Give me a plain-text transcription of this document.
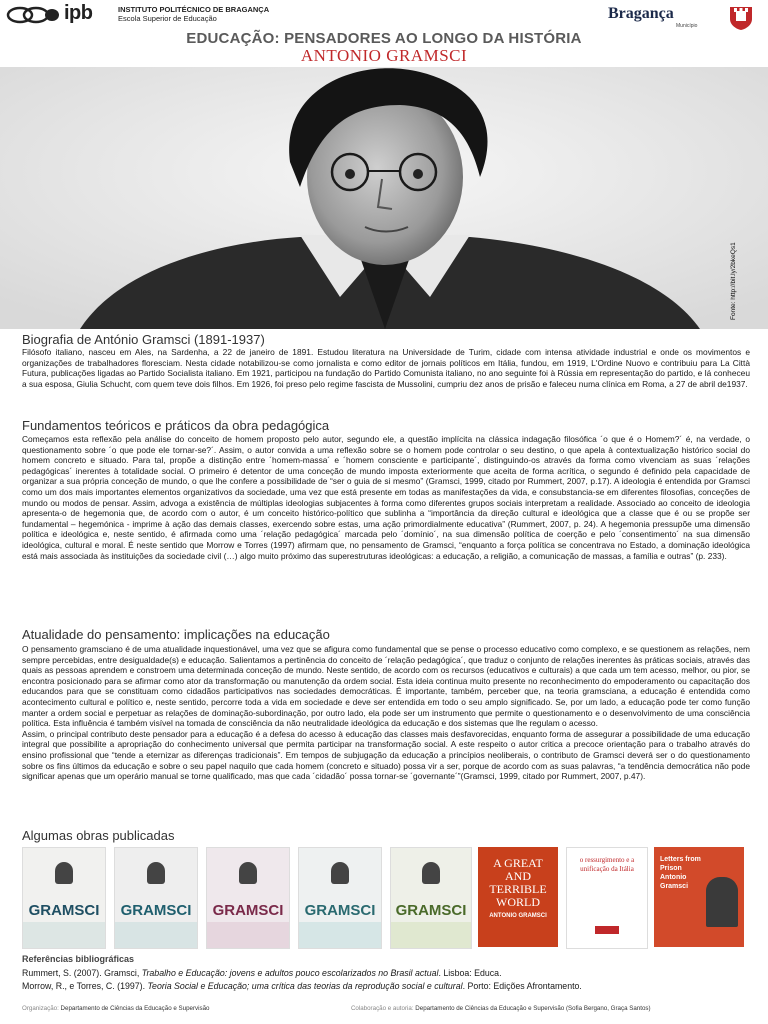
ipb	INSTITUTO POLITÉCNICO DE BRAGANÇA
Escola Superior de Educação	Bragança
Município
EDUCAÇÃO: PENSADORES AO LONGO DA HISTÓRIA
ANTONIO GRAMSCI
Fonte: http://bit.ly/2bkeQs1
Biografia de António Gramsci (1891-1937)

Filósofo italiano, nasceu em Ales, na Sardenha, a 22 de janeiro de 1891. Estudou literatura na Universidade de Turim, cidade com intensa atividade industrial e onde os movimentos e organizações de trabalhadores floresciam. Nesta cidade notabilizou-se como jornalista e como editor de jornais políticos em Itália, fundou, em 1919, L'Ordine Nuovo e contribuiu para La Città Futura, publicações ligadas ao Partido Socialista italiano. Em 1921, participou na fundação do Partido Comunista italiano, no ano seguinte foi à Rússia em representação do partido, e lá conheceu a sua esposa, Giulia Schucht, com quem teve dois filhos. Em 1926, foi preso pelo regime fascista de Mussolini, cumpriu dez anos de prisão e faleceu numa clínica em Roma, a 27 de abril de1937.

Fundamentos teóricos e práticos da obra pedagógica

Começamos esta reflexão pela análise do conceito de homem proposto pelo autor, segundo ele, a questão implícita na clássica indagação filosófica ´o que é o Homem?´ é, na verdade, o questionamento sobre ´o que pode ele tornar-se?´. Assim, o autor convida a uma reflexão sobre se o homem pode controlar o seu destino, o que apela à contextualização histórico social do homem concreto e situado. Para tal, propõe a distinção entre ´homem-massa´ e ´homem consciente e participante´, distinguindo-os através da forma como vivenciam as suas ´relações pedagógicas´ inerentes à totalidade social. O primeiro é detentor de uma conceção de mundo imposta exteriormente que aceita de forma acrítica, o segundo é definido pela capacidade de organizar a sua própria conceção de mundo, o que lhe confere a possibilidade de “ser o guia de si mesmo” (Gramsci, 1999, citado por Rummert, 2007, p.17). A ideologia é entendida por Gramsci como um dos mais importantes elementos organizativos da sociedade, uma vez que está presente em todas as manifestações da vida, e consubstancia-se em diferentes filosofias, conceções de mundo ou modos de pensar. Assim, advoga a existência de múltiplas ideologias subjacentes à forma como diferentes grupos sociais interpretam a realidade. Associado ao conceito de ideologia apresenta-o de hegemonia que, de acordo com o autor, é um conceito histórico-político que sublinha a “importância da direção cultural e ideológica que a classe que é ou se propõe ser fundamental – hegemónica - imprime à ação das demais classes, exercendo sobre estas, uma ação primordialmente educativa” (Rummert, 2007, p. 24). A hegemonia pressupõe uma dimensão política e ideológica e, neste sentido, é afirmada como uma ´relação pedagógica´ marcada pelo ´domínio´, na sua dimensão política de coerção e pelo ´consentimento´ na sua dimensão ideológica, cultural e moral. É neste sentido que Morrow e Torres (1997) afirmam que, no pensamento de Gramsci, “enquanto a força política se concentrava no Estado, a dominação ideológica está mais associada às instituições da sociedade civil (…) algo muito próximo das superestruturas ideológicas: a educação, a religião, a comunicação de massas, a família e outras” (p. 233).

Atualidade do pensamento: implicações na educação

O pensamento gramsciano é de uma atualidade inquestionável, uma vez que se afigura como fundamental que se pense o processo educativo como complexo, e se questionem as relações, nem sempre percebidas, entre desigualdade(s) e educação. Salientamos a pertinência do conceito de ´relação pedagógica´, que traduz o conjunto de relações inerentes às práticas sociais, através das quais as pessoas aprendem e constroem uma determinada conceção de mundo. Neste sentido, de acordo com os recursos (educativos e culturais) a que cada um tem acesso, melhor, ou pior, se encontra posicionado para se afirmar como ator da transformação ou manutenção da ordem social. Esta ideia continua muito presente no reconhecimento do empoderamento ou capacitação dos educandos para que se constituam como cidadãos participativos nas sociedades democráticas. É importante, também, perceber que, na teoria gramsciana, a educação é entendida como acontecimento cultural e político e, neste sentido, percorre toda a vida em sociedade e deve ser entendida em todo o seu amplo significado. Se, por um lado, a educação pode ter como função manter a ordem social e perpetuar as relações de dominação-subordinação, por outro lado, ela pode ser um instrumento que permite o questionamento e o desenvolvimento de uma consciência política. Esta influência é também visível na tomada de consciência da não neutralidade ideológica da educação e dos sistemas que lhe regulam o acesso.

Assim, o principal contributo deste pensador para a educação é a defesa do acesso à educação das classes mais desfavorecidas, enquanto forma de assegurar a possibilidade de uma educação integral que possibilite a apropriação do conhecimento universal que permita participar na transformação social. A este respeito o autor critica a precoce orientação para o trabalho através do ensino profissional que “tende a eternizar as diferenças tradicionais”. Em tempos de subjugação da educação a princípios neoliberais, o contributo de Gramsci deverá ser o do questionamento sobre os fins últimos da educação e sobre o seu papel naquilo que cada homem (concreto e situado) possa vir a ser, porque de acordo com as suas palavras, “a tendência democrática não pode significar apenas que um operário manual se torne qualificado, mas que cada ´cidadão´ possa tornar-se ´governante´”(Gramsci, 1999, citado por Rummert, 2007, p.47).

Algumas obras publicadas
GRAMSCI	GRAMSCI	GRAMSCI	GRAMSCI	GRAMSCI
A GREAT AND TERRIBLE WORLD
ANTONIO GRAMSCI
o ressurgimento e a unificação da Itália
Letters from Prison Antonio Gramsci
Referências bibliográficas

Rummert, S. (2007). Gramsci, Trabalho e Educação: jovens e adultos pouco escolarizados no Brasil actual. Lisboa: Educa.

Morrow, R., e Torres, C. (1997). Teoria Social e Educação; uma crítica das teorias da reprodução social e cultural. Porto: Edições Afrontamento.

Organização: Departamento de Ciências da Educação e Supervisão	Colaboração e autoria: Departamento de Ciências da Educação e Supervisão (Sofia Bergano, Graça Santos)
